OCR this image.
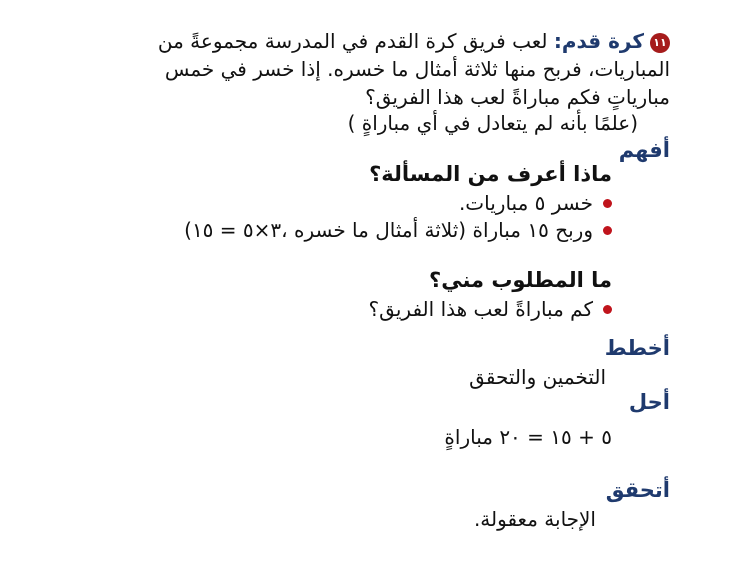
١١كرة قدم: لعب فريق كرة القدم في المدرسة مجموعةً من
المباريات، فربح منها ثلاثة أمثال ما خسره. إذا خسر في خمس
مبارياتٍ فكم مباراةً لعب هذا الفريق؟
(علمًا بأنه لم يتعادل في أي مباراةٍ )
أفهم
ماذا أعرف من المسألة؟
خسر ٥ مباريات.
وربح ١٥ مباراة (ثلاثة أمثال ما خسره ،٣×٥ = ١٥)
ما المطلوب مني؟
كم مباراةً لعب هذا الفريق؟
أخطط
التخمين والتحقق
أحل
٥ + ١٥ = ٢٠ مباراةٍ
أتحقق
الإجابة معقولة.
